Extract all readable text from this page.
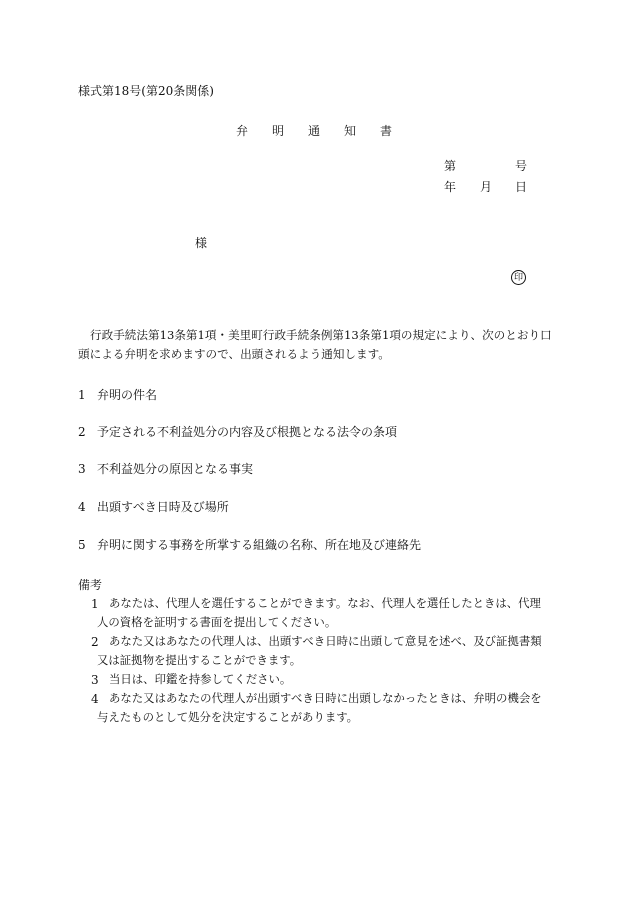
様式第18号(第20条関係)
弁 明 通 知 書
第	号
年 月 日
様
印
行政手続法第13条第1項・美里町行政手続条例第13条第1項の規定により、次のとおり口
頭による弁明を求めますので、出頭されるよう通知します。
1 弁明の件名
2 予定される不利益処分の内容及び根拠となる法令の条項
3 不利益処分の原因となる事実
4 出頭すべき日時及び場所
5 弁明に関する事務を所掌する組織の名称、所在地及び連絡先
備考
1 あなたは、代理人を選任することができます。なお、代理人を選任したときは、代理
人の資格を証明する書面を提出してください。
2 あなた又はあなたの代理人は、出頭すべき日時に出頭して意見を述べ、及び証拠書類
又は証拠物を提出することができます。
3 当日は、印鑑を持参してください。
4 あなた又はあなたの代理人が出頭すべき日時に出頭しなかったときは、弁明の機会を
与えたものとして処分を決定することがあります。
